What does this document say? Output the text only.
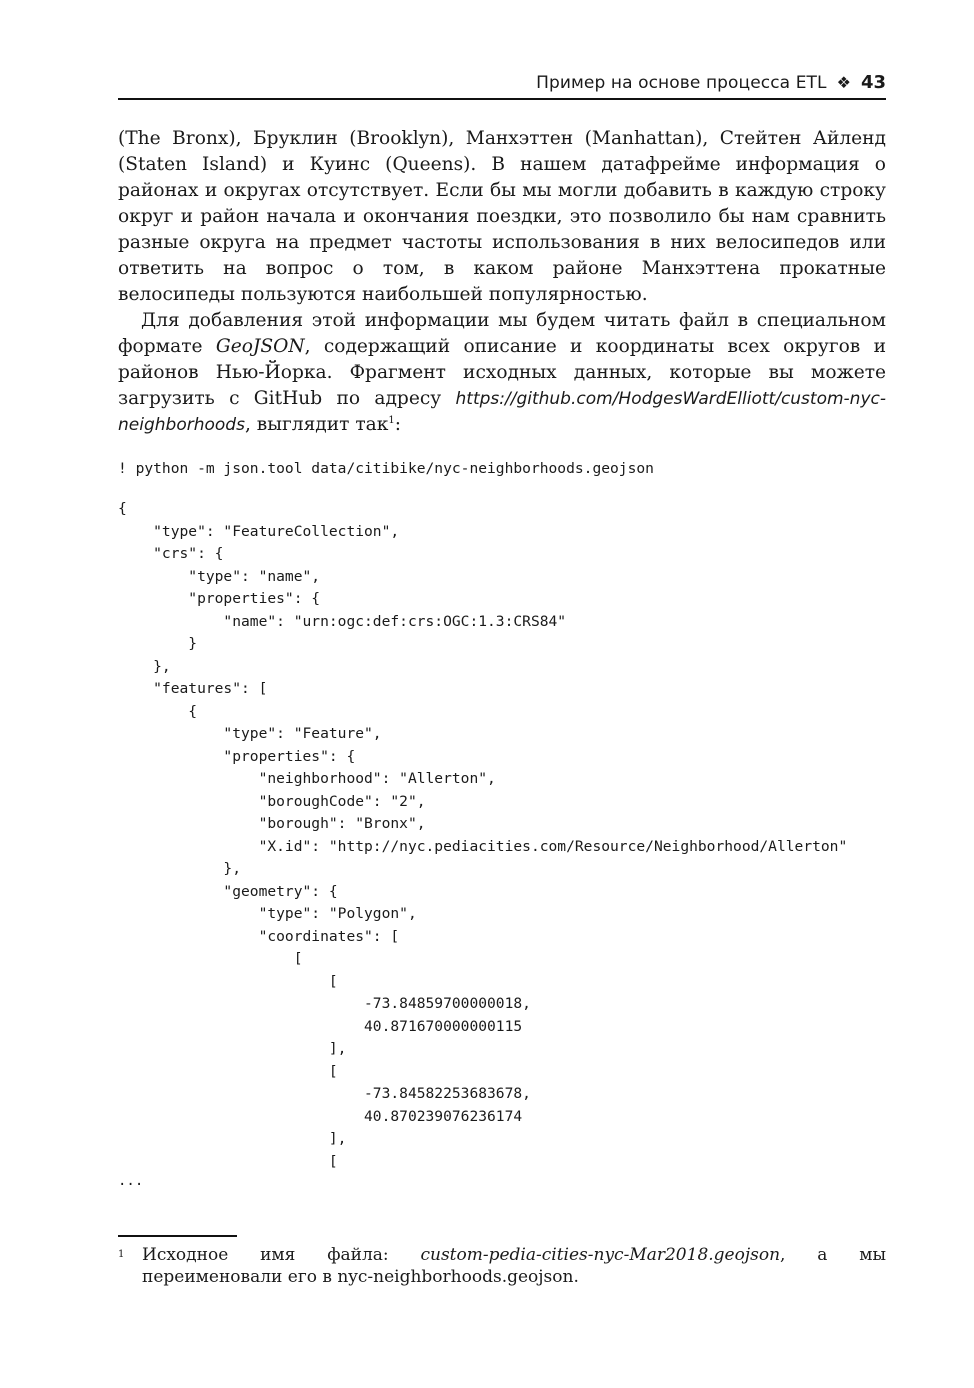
Пример на основе процесса ETL ❖ 43

(The Bronx), Бруклин (Brooklyn), Манхэттен (Manhattan), Стейтен Айленд (Staten Island) и Куинс (Queens). В нашем датафрейме информация о районах и округах отсутствует. Если бы мы могли добавить в каждую строку округ и район начала и окончания поездки, это позволило бы нам сравнить разные округа на предмет частоты использования в них велосипедов или ответить на вопрос о том, в каком районе Манхэттена прокатные велосипеды пользуются наибольшей популярностью.

Для добавления этой информации мы будем читать файл в специальном формате GeoJSON, содержащий описание и координаты всех округов и районов Нью-Йорка. Фрагмент исходных данных, которые вы можете загрузить с GitHub по адресу https://github.com/HodgesWardElliott/custom-nyc-neighborhoods, выглядит так$^1$:

! python -m json.tool data/citibike/nyc-neighborhoods.geojson
{
"type": "FeatureCollection",
"crs": {
"type": "name",
"properties": {
"name": "urn:ogc:def:crs:OGC:1.3:CRS84"
}
},
"features": [
{
"type": "Feature",
"properties": {
"neighborhood": "Allerton",
"boroughCode": "2",
"borough": "Bronx",
"X.id": "http://nyc.pediacities.com/Resource/Neighborhood/Allerton"
},
"geometry": {
"type": "Polygon",
"coordinates": [
[
[
-73.84859700000018,
40.871670000000115
],
[
-73.84582253683678,
40.870239076236174
],
[
...
1 Исходное имя файла: custom-pedia-cities-nyc-Mar2018.geojson, а мы переименовали его в nyc-neighborhoods.geojson.
